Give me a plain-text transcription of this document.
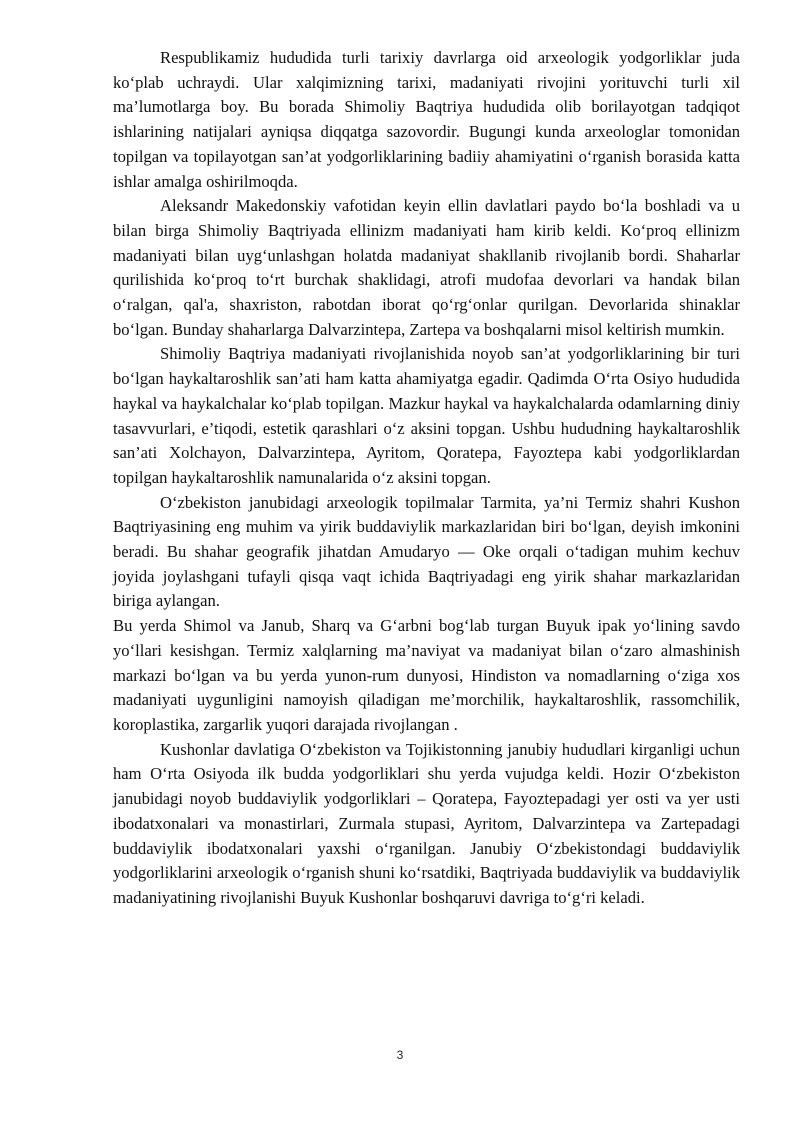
Respublikamiz hududida turli tarixiy davrlarga oid arxeologik yodgorliklar juda ko‘plab uchraydi. Ular xalqimizning tarixi, madaniyati rivojini yorituvchi turli xil ma’lumotlarga boy. Bu borada Shimoliy Baqtriya hududida olib borilayotgan tadqiqot ishlarining natijalari ayniqsa diqqatga sazovordir. Bugungi kunda arxeologlar tomonidan topilgan va topilayotgan san’at yodgorliklarining badiiy ahamiyatini o‘rganish borasida katta ishlar amalga oshirilmoqda.

Aleksandr Makedonskiy vafotidan keyin ellin davlatlari paydo bo‘la boshladi va u bilan birga Shimoliy Baqtriyada ellinizm madaniyati ham kirib keldi. Ko‘proq ellinizm madaniyati bilan uyg‘unlashgan holatda madaniyat shakllanib rivojlanib bordi. Shaharlar qurilishida ko‘proq to‘rt burchak shaklidagi, atrofi mudofaa devorlari va handak bilan o‘ralgan, qal'a, shaxriston, rabotdan iborat qo‘rg‘onlar qurilgan. Devorlarida shinaklar bo‘lgan. Bunday shaharlarga Dalvarzintepa, Zartepa va boshqalarni misol keltirish mumkin.

Shimoliy Baqtriya madaniyati rivojlanishida noyob san’at yodgorliklarining bir turi bo‘lgan haykaltaroshlik san’ati ham katta ahamiyatga egadir. Qadimda O‘rta Osiyo hududida haykal va haykalchalar ko‘plab topilgan. Mazkur haykal va haykalchalarda odamlarning diniy tasavvurlari, e’tiqodi, estetik qarashlari o‘z aksini topgan. Ushbu hududning haykaltaroshlik san’ati Xolchayon, Dalvarzintepa, Ayritom, Qoratepa, Fayoztepa kabi yodgorliklardan topilgan haykaltaroshlik namunalarida o‘z aksini topgan.

O‘zbekiston janubidagi arxeologik topilmalar Tarmita, ya’ni Termiz shahri Kushon Baqtriyasining eng muhim va yirik buddaviylik markazlaridan biri bo‘lgan, deyish imkonini beradi. Bu shahar geografik jihatdan Amudaryo — Oke orqali o‘tadigan muhim kechuv joyida joylashgani tufayli qisqa vaqt ichida Baqtriyadagi eng yirik shahar markazlaridan biriga aylangan.

Bu yerda Shimol va Janub, Sharq va G‘arbni bog‘lab turgan Buyuk ipak yo‘lining savdo yo‘llari kesishgan. Termiz xalqlarning ma’naviyat va madaniyat bilan o‘zaro almashinish markazi bo‘lgan va bu yerda yunon-rum dunyosi, Hindiston va nomadlarning o‘ziga xos madaniyati uygunligini namoyish qiladigan me’morchilik, haykaltaroshlik, rassomchilik, koroplastika, zargarlik yuqori darajada rivojlangan .

Kushonlar davlatiga O‘zbekiston va Tojikistonning janubiy hududlari kirganligi uchun ham O‘rta Osiyoda ilk budda yodgorliklari shu yerda vujudga keldi. Hozir O‘zbekiston janubidagi noyob buddaviylik yodgorliklari – Qoratepa, Fayoztepadagi yer osti va yer usti ibodatxonalari va monastirlari, Zurmala stupasi, Ayritom, Dalvarzintepa va Zartepadagi buddaviylik ibodatxonalari yaxshi o‘rganilgan. Janubiy O‘zbekistondagi buddaviylik yodgorliklarini arxeologik o‘rganish shuni ko‘rsatdiki, Baqtriyada buddaviylik va buddaviylik madaniyatining rivojlanishi Buyuk Kushonlar boshqaruvi davriga to‘g‘ri keladi.

3
